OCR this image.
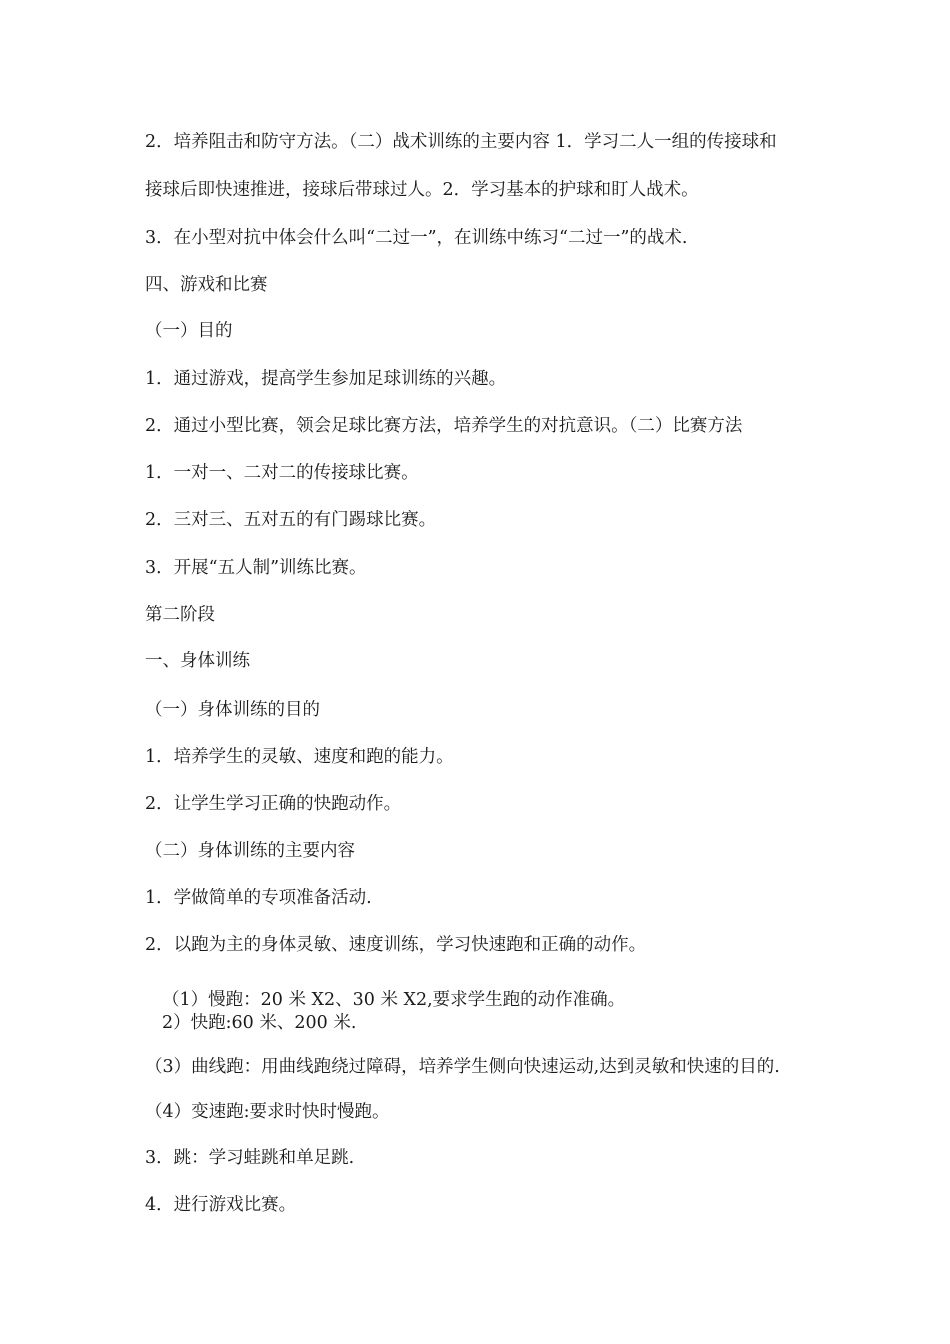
2．培养阻击和防守方法。（二）战术训练的主要内容 1．学习二人一组的传接球和
接球后即快速推进，接球后带球过人。2．学习基本的护球和盯人战术。
3．在小型对抗中体会什么叫“二过一”，在训练中练习“二过一”的战术.
四、游戏和比赛
（一）目的
1．通过游戏，提高学生参加足球训练的兴趣。
2．通过小型比赛，领会足球比赛方法，培养学生的对抗意识。（二）比赛方法
1．一对一、二对二的传接球比赛。
2．三对三、五对五的有门踢球比赛。
3．开展“五人制”训练比赛。
第二阶段
一、身体训练
（一）身体训练的目的
1．培养学生的灵敏、速度和跑的能力。
2．让学生学习正确的快跑动作。
（二）身体训练的主要内容
1．学做简单的专项准备活动.
2．以跑为主的身体灵敏、速度训练，学习快速跑和正确的动作。
（1）慢跑：20 米 X2、30 米 X2,要求学生跑的动作准确。
2）快跑:60 米、200 米.
（3）曲线跑：用曲线跑绕过障碍，培养学生侧向快速运动,达到灵敏和快速的目的.
（4）变速跑:要求时快时慢跑。
3．跳：学习蛙跳和单足跳.
4．进行游戏比赛。
